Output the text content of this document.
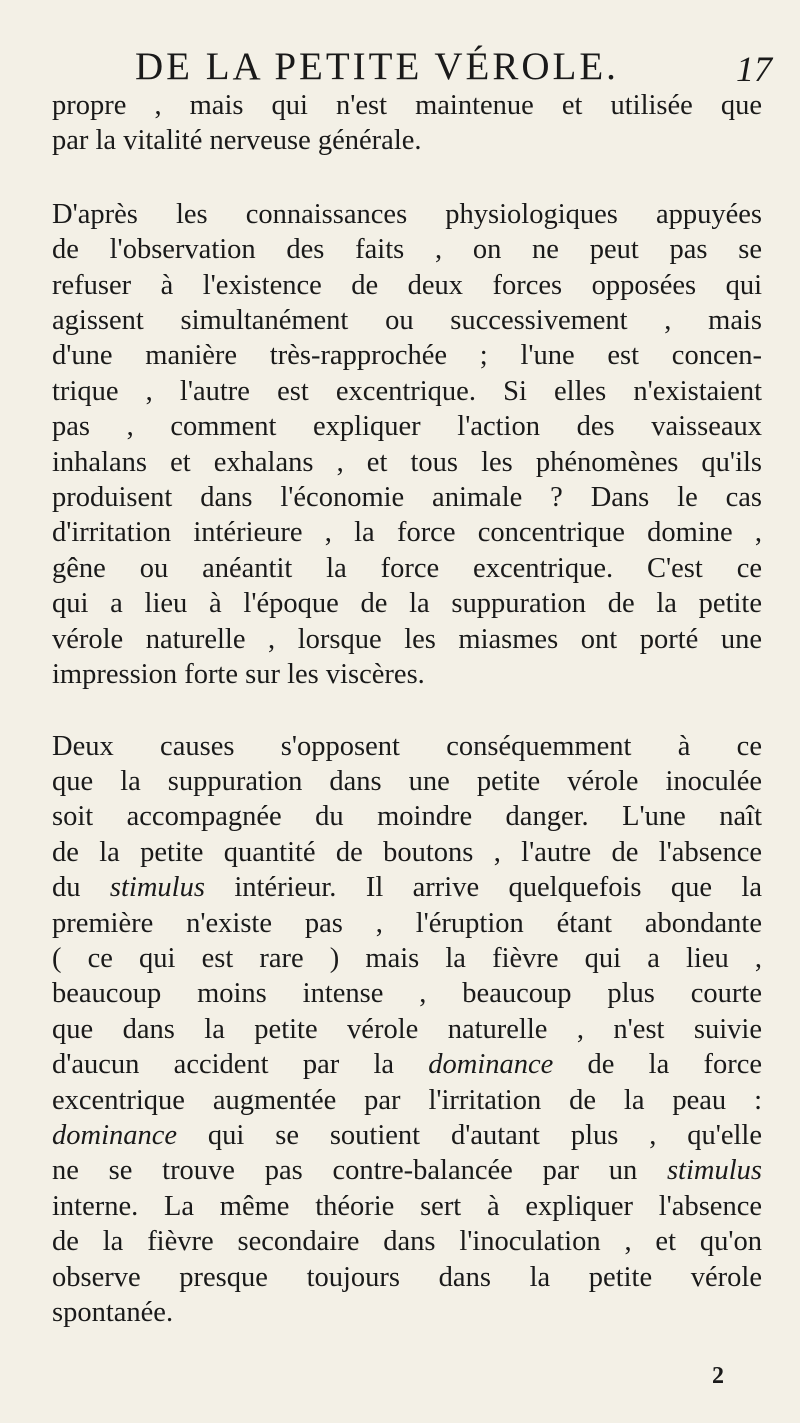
DE LA PETITE VÉROLE.	17
propre , mais qui n'est maintenue et utilisée que
par la vitalité nerveuse générale.
D'après les connaissances physiologiques appuyées
de l'observation des faits , on ne peut pas se
refuser à l'existence de deux forces opposées qui
agissent simultanément ou successivement , mais
d'une manière très-rapprochée ; l'une est concen-
trique , l'autre est excentrique. Si elles n'existaient
pas , comment expliquer l'action des vaisseaux
inhalans et exhalans , et tous les phénomènes qu'ils
produisent dans l'économie animale ? Dans le cas
d'irritation intérieure , la force concentrique domine ,
gêne ou anéantit la force excentrique. C'est ce
qui a lieu à l'époque de la suppuration de la petite
vérole naturelle , lorsque les miasmes ont porté une
impression forte sur les viscères.
Deux causes s'opposent conséquemment à ce
que la suppuration dans une petite vérole inoculée
soit accompagnée du moindre danger. L'une naît
de la petite quantité de boutons , l'autre de l'absence
du stimulus intérieur. Il arrive quelquefois que la
première n'existe pas , l'éruption étant abondante
( ce qui est rare ) mais la fièvre qui a lieu ,
beaucoup moins intense , beaucoup plus courte
que dans la petite vérole naturelle , n'est suivie
d'aucun accident par la dominance de la force
excentrique augmentée par l'irritation de la peau :
dominance qui se soutient d'autant plus , qu'elle
ne se trouve pas contre-balancée par un stimulus
interne. La même théorie sert à expliquer l'absence
de la fièvre secondaire dans l'inoculation , et qu'on
observe presque toujours dans la petite vérole
spontanée.
2
